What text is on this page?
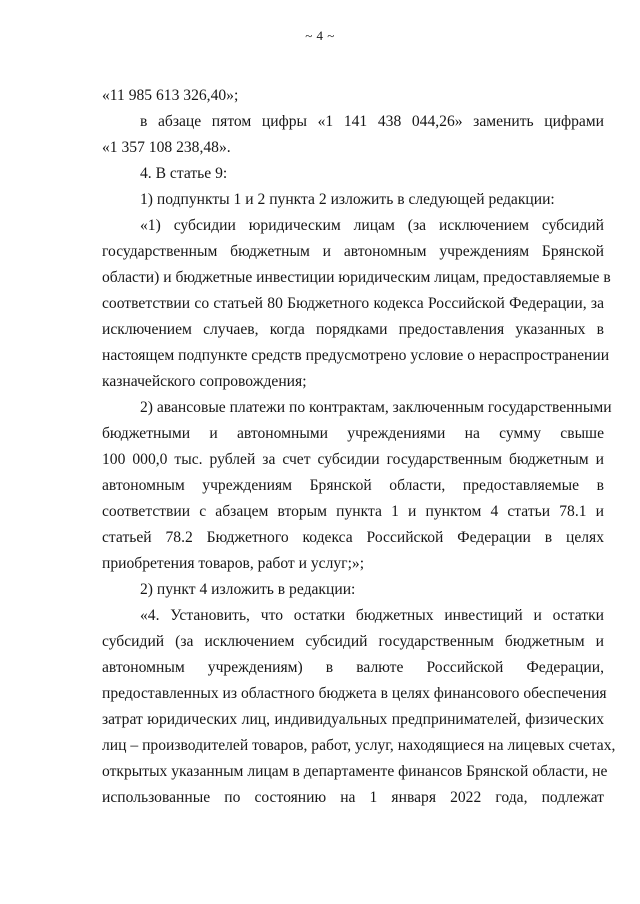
~ 4 ~
«11 985 613 326,40»;
в абзаце пятом цифры «1 141 438 044,26» заменить цифрами
«1 357 108 238,48».
4. В статье 9:
1) подпункты 1 и 2 пункта 2 изложить в следующей редакции:
«1) субсидии юридическим лицам (за исключением субсидий
государственным бюджетным и автономным учреждениям Брянской
области) и бюджетные инвестиции юридическим лицам, предоставляемые в
соответствии со статьей 80 Бюджетного кодекса Российской Федерации, за
исключением случаев, когда порядками предоставления указанных в
настоящем подпункте средств предусмотрено условие о нераспространении
казначейского сопровождения;
2) авансовые платежи по контрактам, заключенным государственными
бюджетными и автономными учреждениями на сумму свыше
100 000,0 тыс. рублей за счет субсидии государственным бюджетным и
автономным учреждениям Брянской области, предоставляемые в
соответствии с абзацем вторым пункта 1 и пунктом 4 статьи 78.1 и
статьей 78.2 Бюджетного кодекса Российской Федерации в целях
приобретения товаров, работ и услуг;»;
2) пункт 4 изложить в редакции:
«4. Установить, что остатки бюджетных инвестиций и остатки
субсидий (за исключением субсидий государственным бюджетным и
автономным учреждениям) в валюте Российской Федерации,
предоставленных из областного бюджета в целях финансового обеспечения
затрат юридических лиц, индивидуальных предпринимателей, физических
лиц – производителей товаров, работ, услуг, находящиеся на лицевых счетах,
открытых указанным лицам в департаменте финансов Брянской области, не
использованные по состоянию на 1 января 2022 года, подлежат
